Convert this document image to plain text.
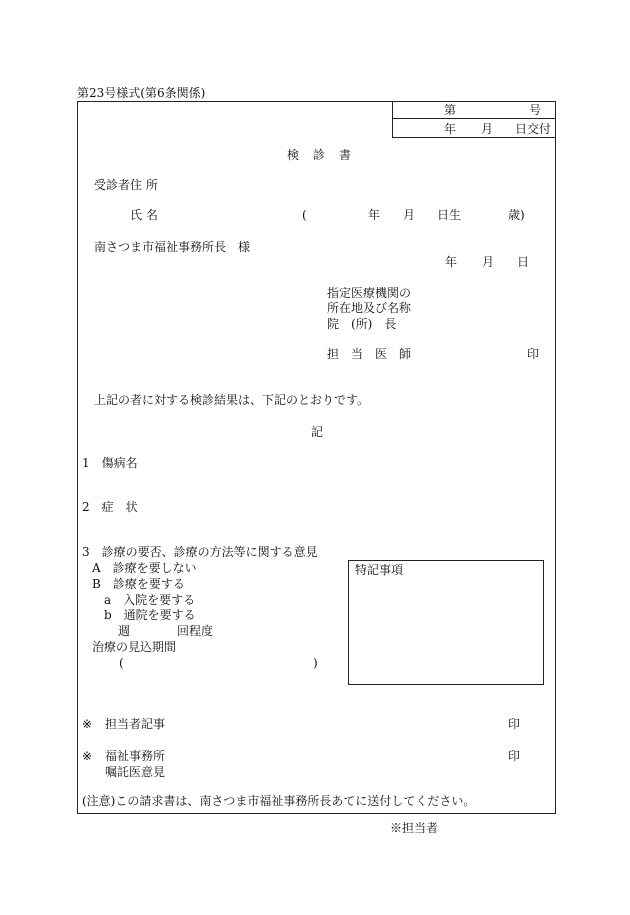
第23号様式(第6条関係)
第	号
年 月 日交付
検　診　書
受診者住 所
氏 名	(	年 月 日生	歳)
南さつま市福祉事務所長　様
年 月 日
指定医療機関の
所在地及び名称
院　(所)　長
担　当　医　師	印
上記の者に対する検診結果は、下記のとおりです。
記
1　傷病名
2　症　状
3　診療の要否、診療の方法等に関する意見
A　診療を要しない
B　診療を要する
a　入院を要する
b　通院を要する
週	回程度
治療の見込期間
(	)
特記事項
※ 担当者記事	印
※ 福祉事務所	印
嘱託医意見
(注意)この請求書は、南さつま市福祉事務所長あてに送付してください。
※担当者
